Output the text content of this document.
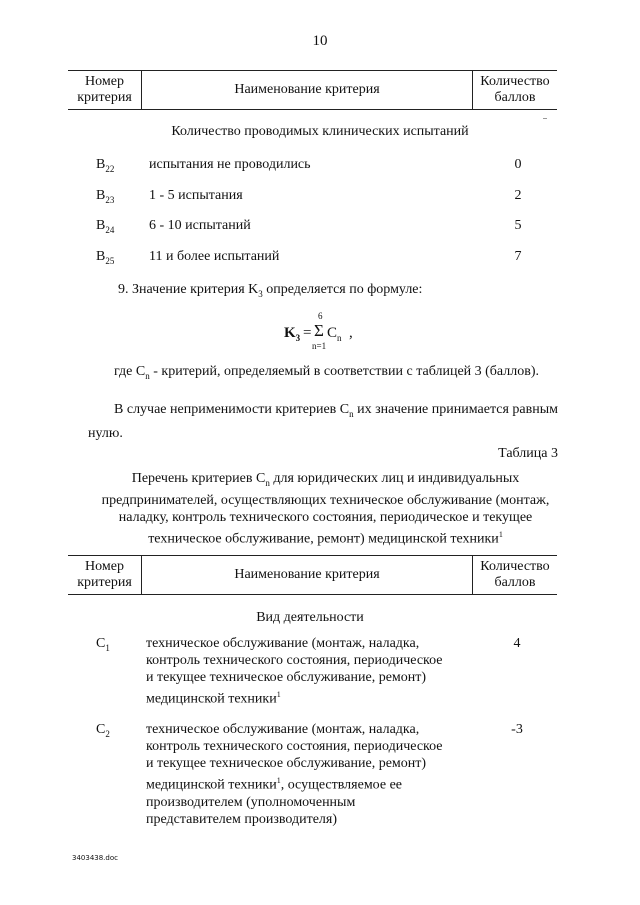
10
Номер
критерия
Наименование критерия
Количество
баллов
Количество проводимых клинических испытаний
$B_{22}$ испытания не проводились	0
$B_{23}$ 1 - 5 испытания	2
$B_{24}$ 6 - 10 испытаний	5
$B_{25}$ 11 и более испытаний	7
9. Значение критерия $K_3$ определяется по формуле:
$K_3$ =
6
Σ $C_n$ ,
n=1
где $C_n$ - критерий, определяемый в соответствии с таблицей 3 (баллов).
В случае неприменимости критериев $C_n$ их значение принимается равным нулю.
Таблица 3
Перечень критериев $C_n$ для юридических лиц и индивидуальных
предпринимателей, осуществляющих техническое обслуживание (монтаж,
наладку, контроль технического состояния, периодическое и текущее
техническое обслуживание, ремонт) медицинской техники$^1$
Номер
критерия
Наименование критерия
Количество
баллов
Вид деятельности
$C_1$	техническое обслуживание (монтаж, наладка,
контроль технического состояния, периодическое
и текущее техническое обслуживание, ремонт)
медицинской техники$^1$
4
$C_2$	техническое обслуживание (монтаж, наладка,
контроль технического состояния, периодическое
и текущее техническое обслуживание, ремонт)
медицинской техники$^1$, осуществляемое ее
производителем (уполномоченным
представителем производителя)
-3
3403438.doc
